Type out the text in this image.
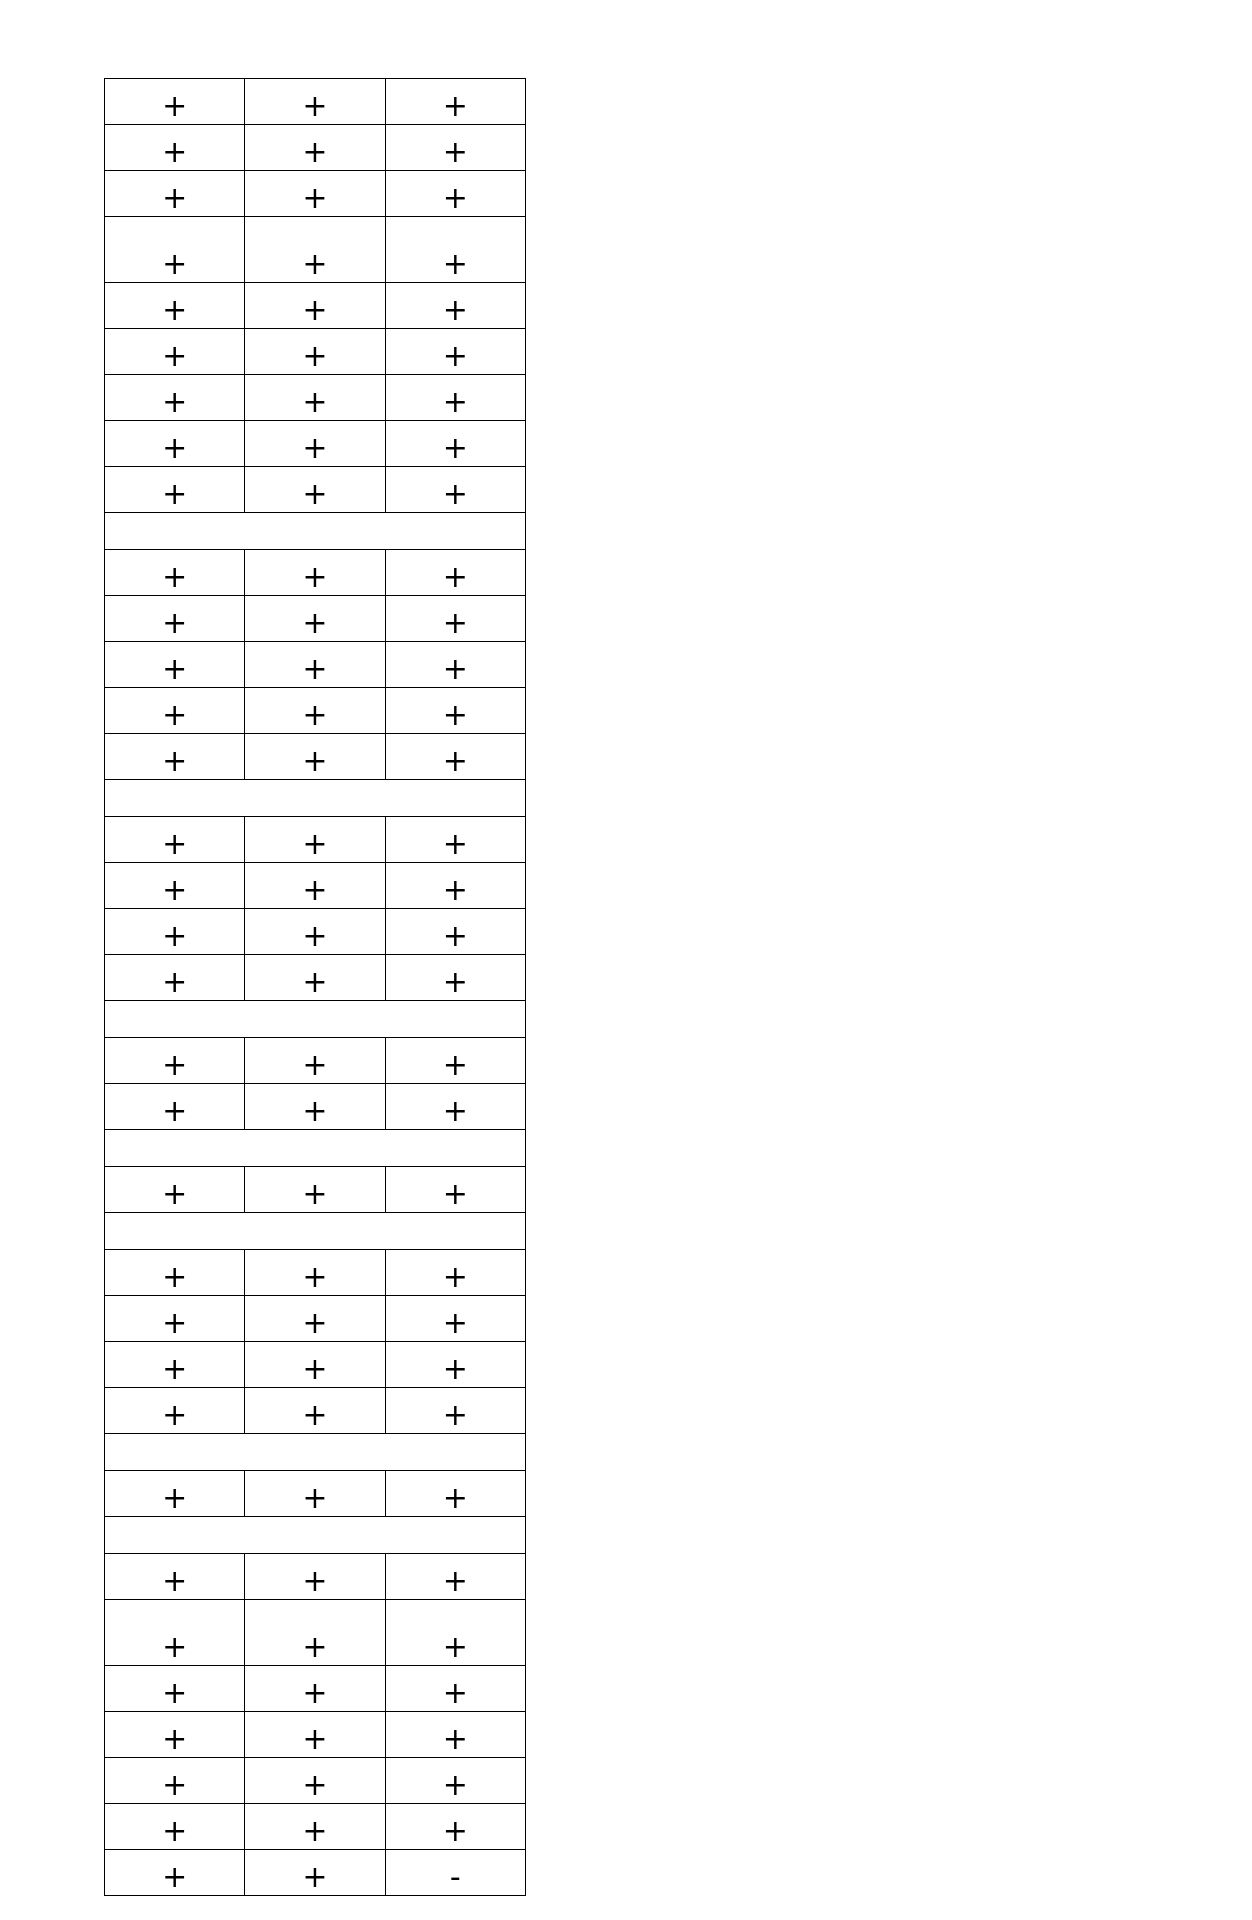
+	+	+
+	+	+
+	+	+
+	+	+
+	+	+
+	+	+
+	+	+
+	+	+
+	+	+

+	+	+
+	+	+
+	+	+
+	+	+
+	+	+

+	+	+
+	+	+
+	+	+
+	+	+

+	+	+
+	+	+

+	+	+

+	+	+
+	+	+
+	+	+
+	+	+

+	+	+

+	+	+
+	+	+
+	+	+
+	+	+
+	+	+
+	+	+
+	+	-
